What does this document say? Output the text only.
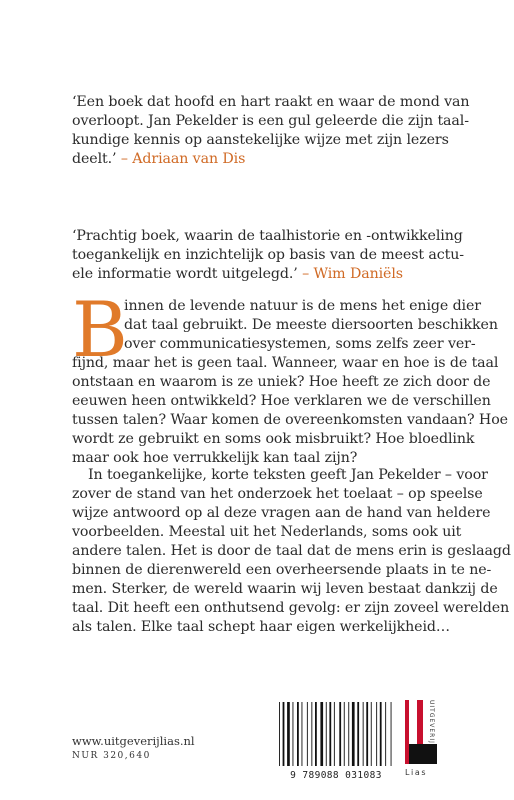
‘Een boek dat hoofd en hart raakt en waar de mond van
overloopt. Jan Pekelder is een gul geleerde die zijn taal-
kundige kennis op aanstekelijke wijze met zijn lezers
deelt.’ – Adriaan van Dis
‘Prachtig boek, waarin de taalhistorie en -ontwikkeling
toegankelijk en inzichtelijk op basis van de meest actu-
ele informatie wordt uitgelegd.’ – Wim Daniëls
B
innen de levende natuur is de mens het enige dier
dat taal gebruikt. De meeste diersoorten beschikken
over communicatiesystemen, soms zelfs zeer ver-
fijnd, maar het is geen taal. Wanneer, waar en hoe is de taal
ontstaan en waarom is ze uniek? Hoe heeft ze zich door de
eeuwen heen ontwikkeld? Hoe verklaren we de verschillen
tussen talen? Waar komen de overeenkomsten vandaan? Hoe
wordt ze gebruikt en soms ook misbruikt? Hoe bloedlink
maar ook hoe verrukkelijk kan taal zijn?
In toegankelijke, korte teksten geeft Jan Pekelder – voor
zover de stand van het onderzoek het toelaat – op speelse
wijze antwoord op al deze vragen aan de hand van heldere
voorbeelden. Meestal uit het Nederlands, soms ook uit
andere talen. Het is door de taal dat de mens erin is geslaagd
binnen de dierenwereld een overheersende plaats in te ne-
men. Sterker, de wereld waarin wij leven bestaat dankzij de
taal. Dit heeft een onthutsend gevolg: er zijn zoveel werelden
als talen. Elke taal schept haar eigen werkelijkheid…
www.uitgeverijlias.nl
NUR 320,640
9 789088 031083
UITGEVERIJ
Lias
